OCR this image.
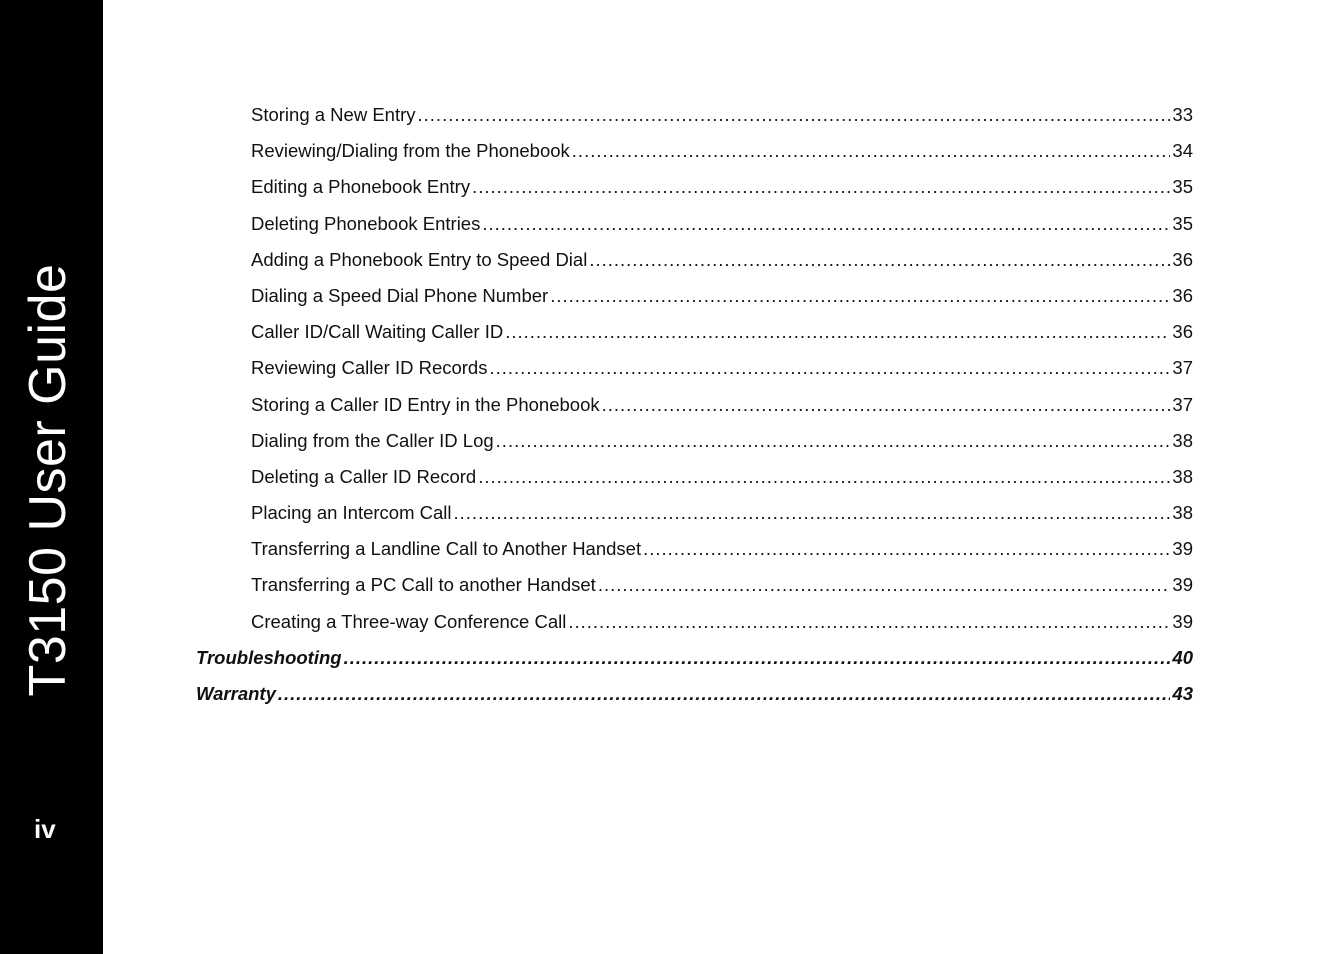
T3150 User Guide
iv
Storing a New Entry .....	33
Reviewing/Dialing from the Phonebook .....	34
Editing a Phonebook Entry .....	35
Deleting Phonebook Entries .....	35
Adding a Phonebook Entry to Speed Dial .....	36
Dialing a Speed Dial Phone Number .....	36
Caller ID/Call Waiting Caller ID .....	36
Reviewing Caller ID Records .....	37
Storing a Caller ID Entry in the Phonebook .....	37
Dialing from the Caller ID Log .....	38
Deleting a Caller ID Record .....	38
Placing an Intercom Call .....	38
Transferring a Landline Call to Another Handset .....	39
Transferring a PC Call to another Handset .....	39
Creating a Three-way Conference Call .....	39
Troubleshooting .....	40
Warranty .....	43
